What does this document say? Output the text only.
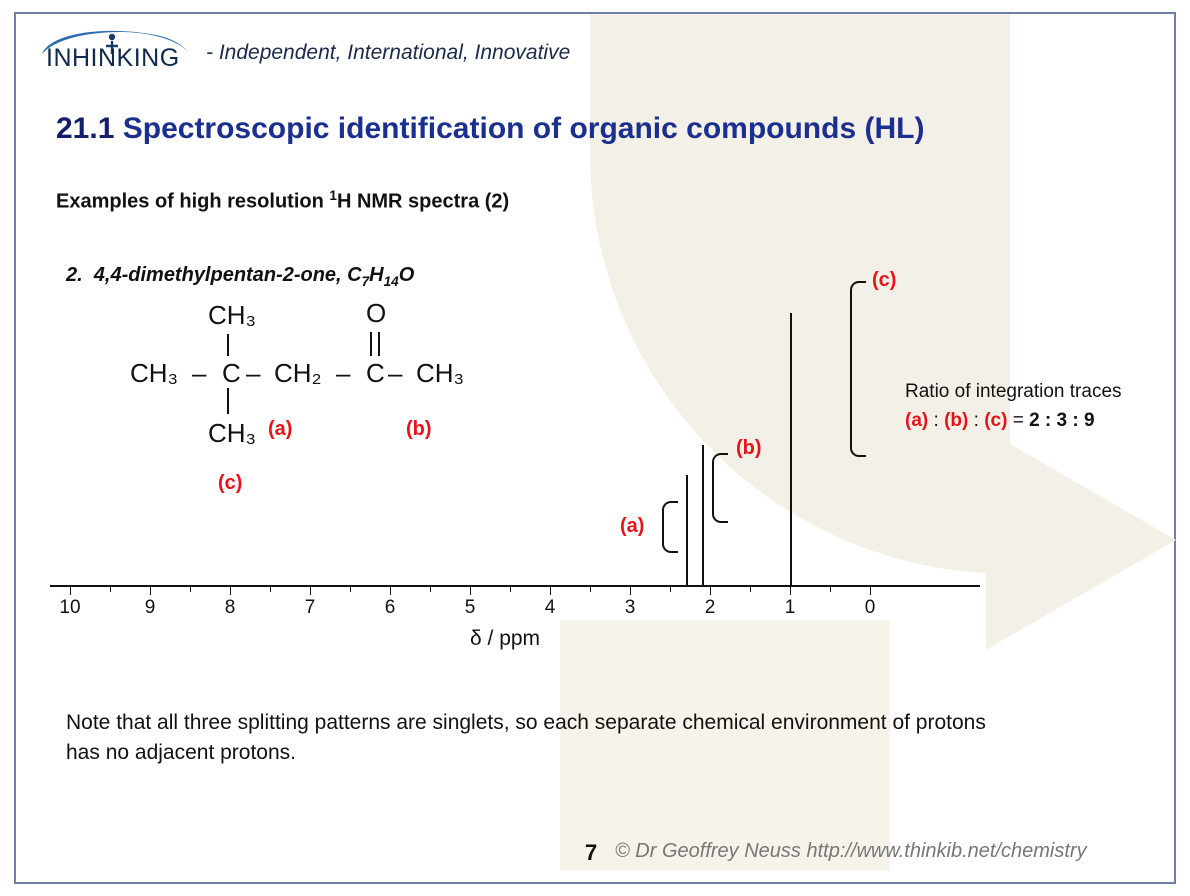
INHINKING - Independent, International, Innovative
21.1 Spectroscopic identification of organic compounds (HL)
Examples of high resolution $^1$H NMR spectra (2)
2.  4,4-dimethylpentan-2-one, $C_7H_{14}O$
CH₃ – C – CH₂ – C – CH₃
CH₃
CH₃
O
(a)	(b)
(c)
Ratio of integration traces
(a) : (b) : (c) = 2 : 3 : 9
10	9	8	7	6	5	4	3	2	1	0
(a)
(b)
(c)
δ / ppm
Note that all three splitting patterns are singlets, so each separate chemical environment of protons has no adjacent protons.
7 © Dr Geoffrey Neuss http://www.thinkib.net/chemistry
